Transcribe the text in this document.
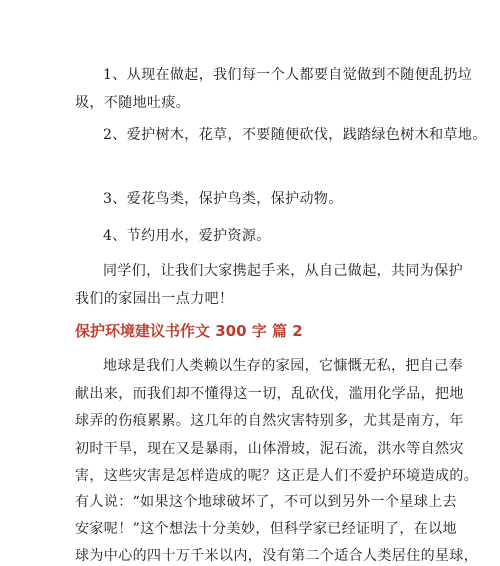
1、从现在做起，我们每一个人都要自觉做到不随便乱扔垃
圾，不随地吐痰。
2、爱护树木，花草，不要随便砍伐，践踏绿色树木和草地。
3、爱花鸟类，保护鸟类，保护动物。
4、节约用水，爱护资源。
同学们，让我们大家携起手来，从自己做起，共同为保护
我们的家园出一点力吧！
保护环境建议书作文 300 字 篇 2
地球是我们人类赖以生存的家园，它慷慨无私，把自己奉
献出来，而我们却不懂得这一切，乱砍伐，滥用化学品，把地
球弄的伤痕累累。这几年的自然灾害特别多，尤其是南方，年
初时干旱，现在又是暴雨，山体滑坡，泥石流，洪水等自然灾
害，这些灾害是怎样造成的呢？这正是人们不爱护环境造成的。
有人说：“如果这个地球破坏了，不可以到另外一个星球上去
安家呢！”这个想法十分美妙，但科学家已经证明了，在以地
球为中心的四十万千米以内，没有第二个适合人类居住的星球，
